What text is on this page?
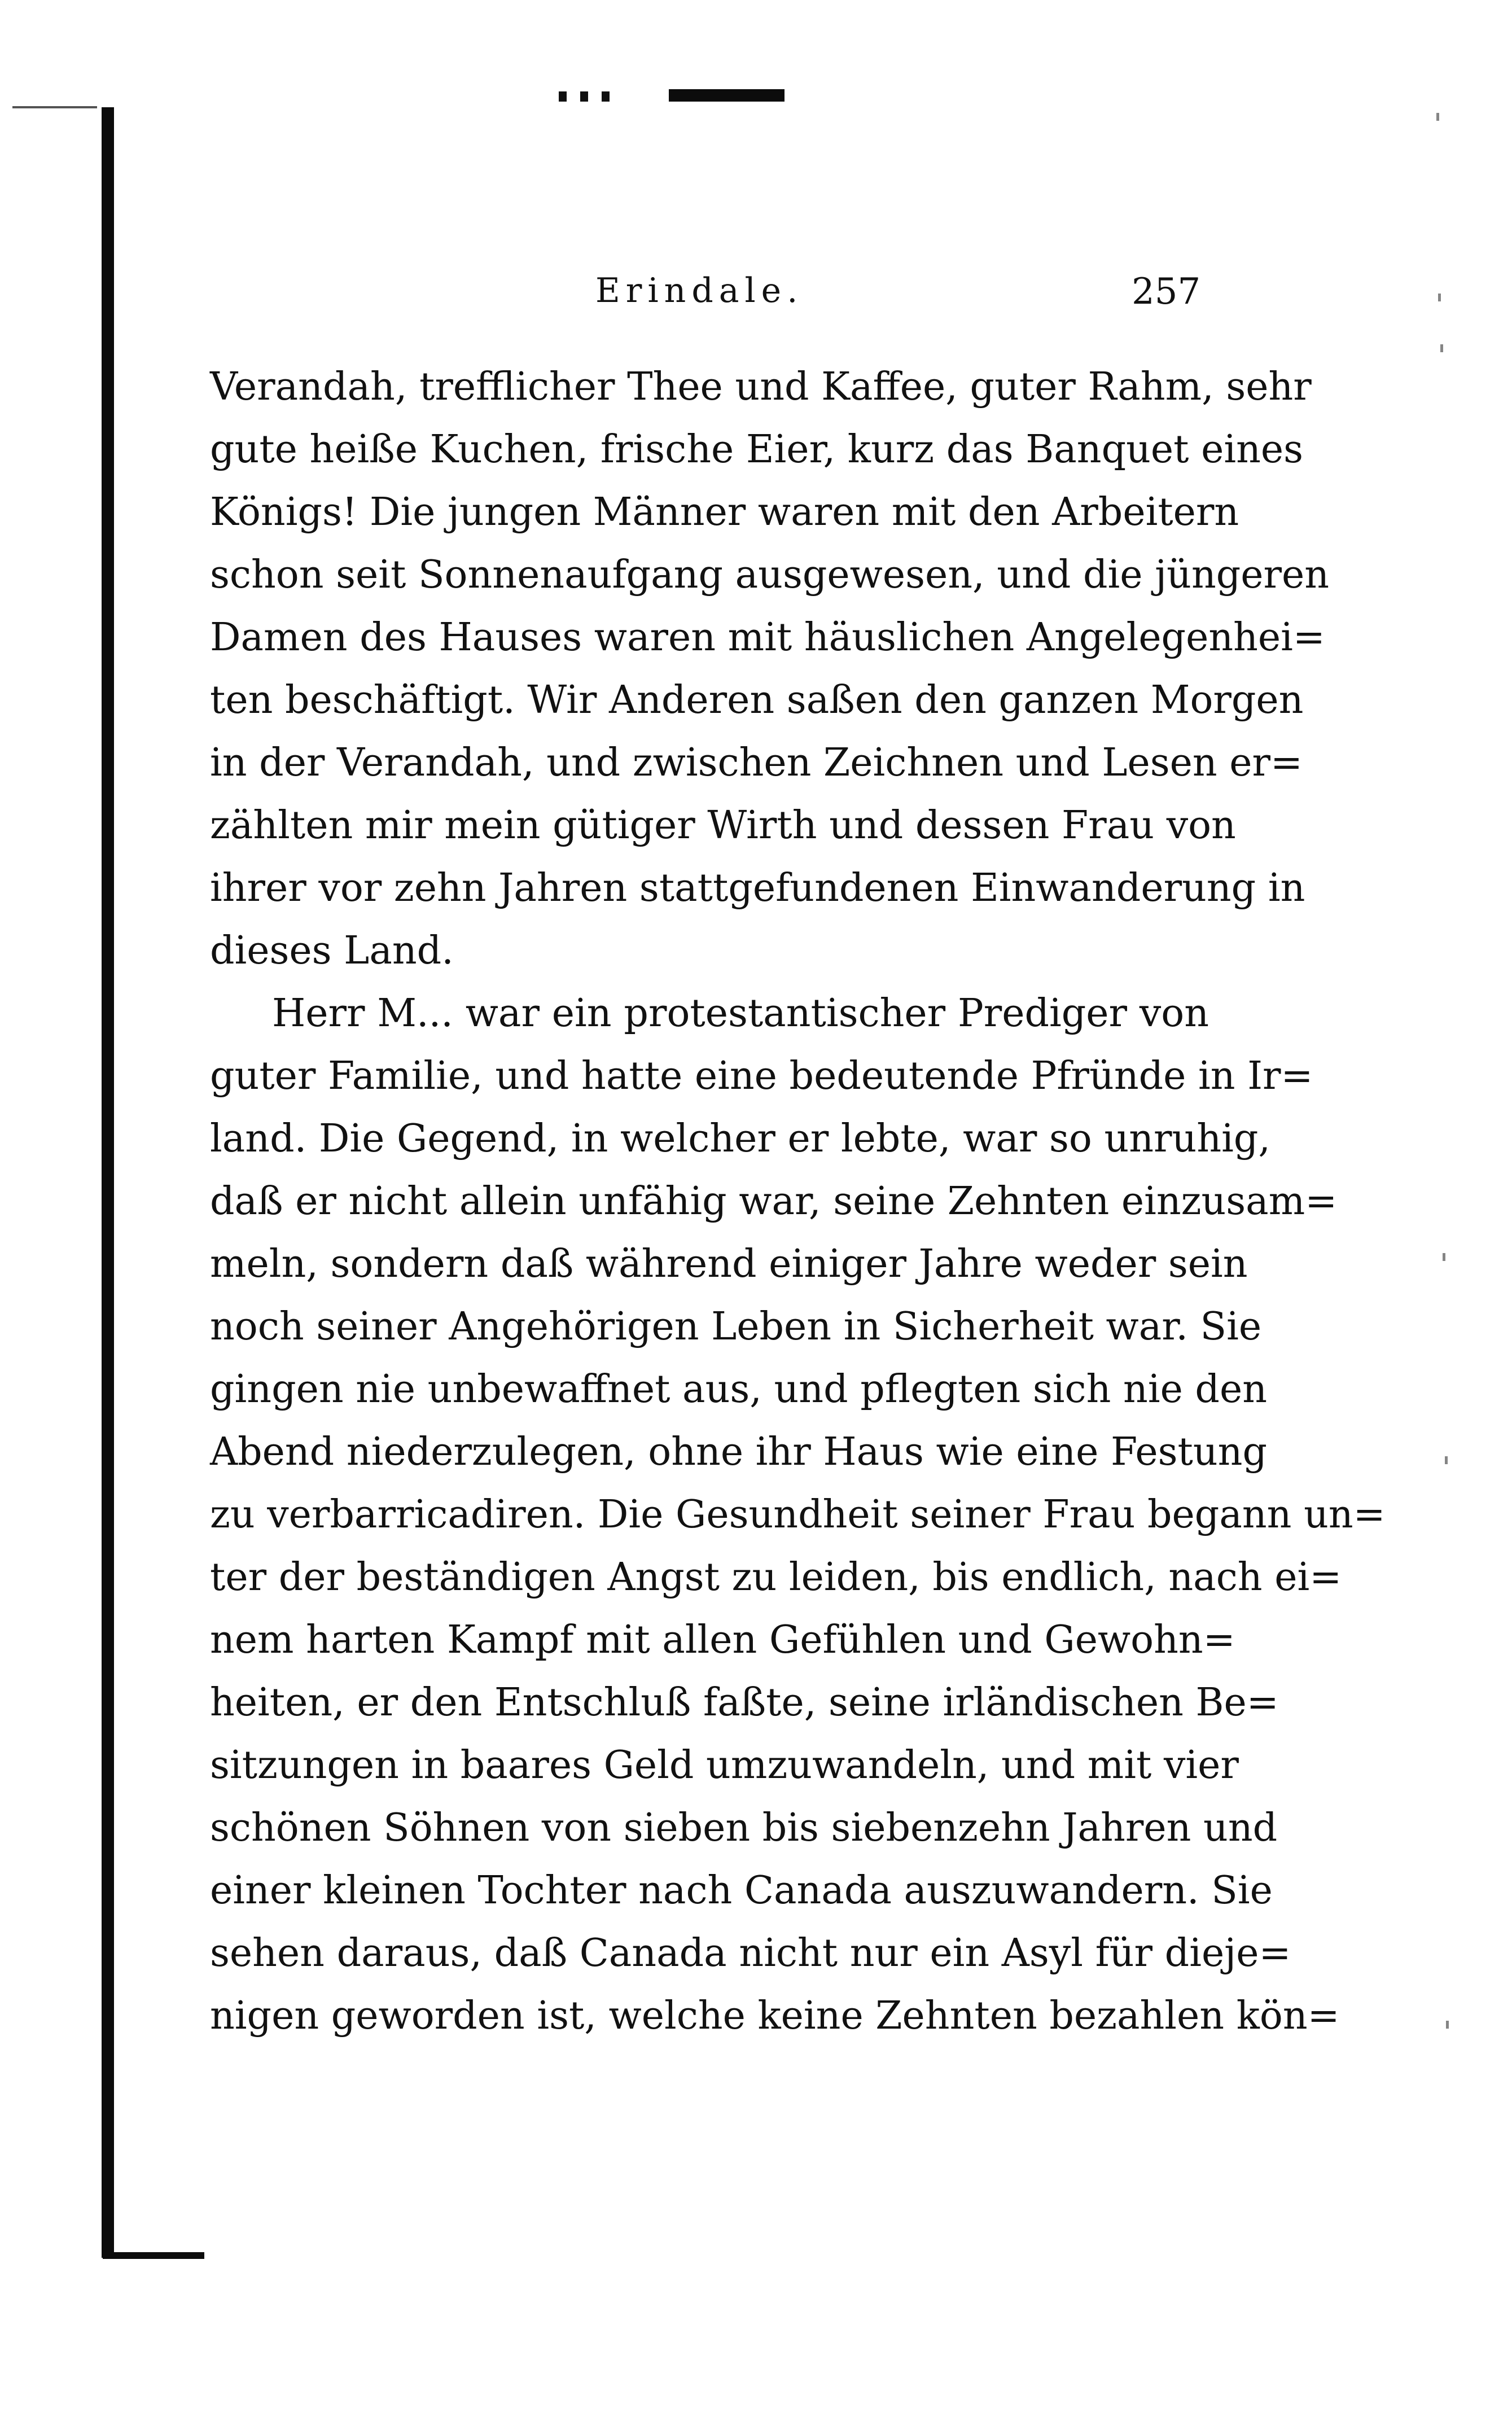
Erindale.	257
Verandah, trefflicher Thee und Kaffee, guter Rahm, sehr
gute heiße Kuchen, frische Eier, kurz das Banquet eines
Königs! Die jungen Männer waren mit den Arbeitern
schon seit Sonnenaufgang ausgewesen, und die jüngeren
Damen des Hauses waren mit häuslichen Angelegenhei=
ten beschäftigt. Wir Anderen saßen den ganzen Morgen
in der Verandah, und zwischen Zeichnen und Lesen er=
zählten mir mein gütiger Wirth und dessen Frau von
ihrer vor zehn Jahren stattgefundenen Einwanderung in
dieses Land.
Herr M... war ein protestantischer Prediger von
guter Familie, und hatte eine bedeutende Pfründe in Ir=
land. Die Gegend, in welcher er lebte, war so unruhig,
daß er nicht allein unfähig war, seine Zehnten einzusam=
meln, sondern daß während einiger Jahre weder sein
noch seiner Angehörigen Leben in Sicherheit war. Sie
gingen nie unbewaffnet aus, und pflegten sich nie den
Abend niederzulegen, ohne ihr Haus wie eine Festung
zu verbarricadiren. Die Gesundheit seiner Frau begann un=
ter der beständigen Angst zu leiden, bis endlich, nach ei=
nem harten Kampf mit allen Gefühlen und Gewohn=
heiten, er den Entschluß faßte, seine irländischen Be=
sitzungen in baares Geld umzuwandeln, und mit vier
schönen Söhnen von sieben bis siebenzehn Jahren und
einer kleinen Tochter nach Canada auszuwandern. Sie
sehen daraus, daß Canada nicht nur ein Asyl für dieje=
nigen geworden ist, welche keine Zehnten bezahlen kön=
